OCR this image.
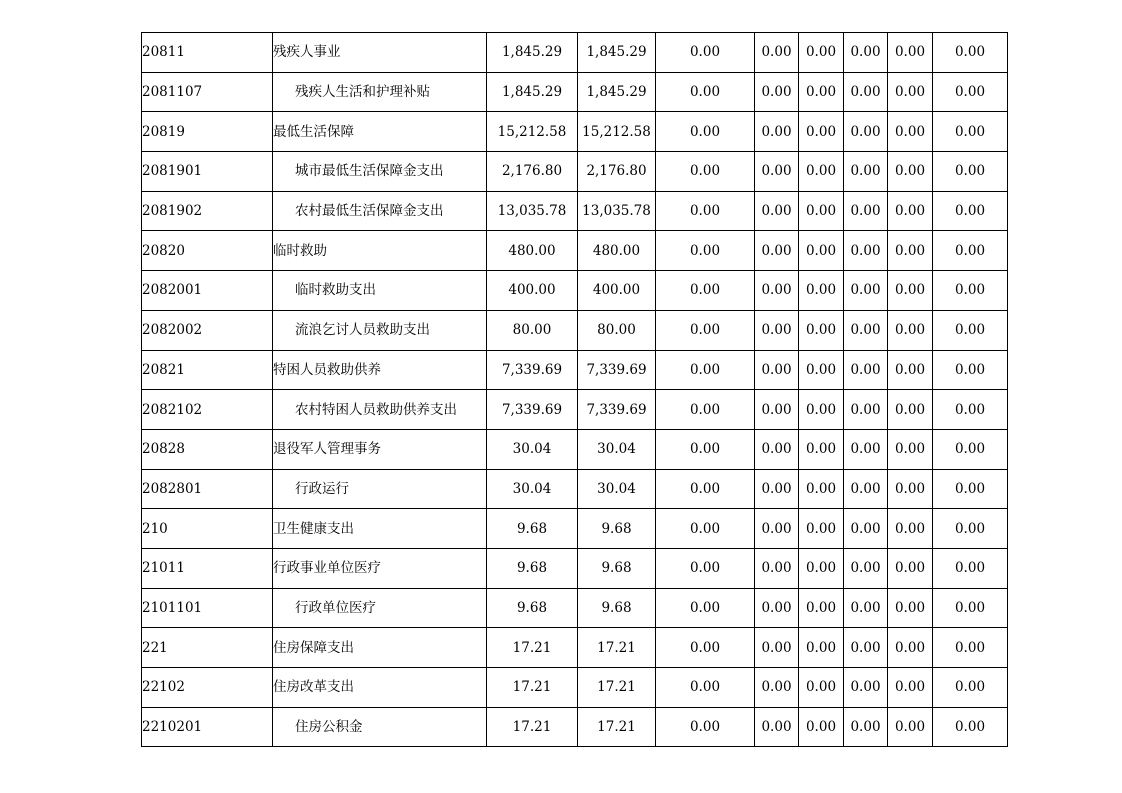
20811	残疾人事业	1,845.29	1,845.29	0.00	0.00	0.00	0.00	0.00	0.00
2081107	残疾人生活和护理补贴	1,845.29	1,845.29	0.00	0.00	0.00	0.00	0.00	0.00
20819	最低生活保障	15,212.58	15,212.58	0.00	0.00	0.00	0.00	0.00	0.00
2081901	城市最低生活保障金支出	2,176.80	2,176.80	0.00	0.00	0.00	0.00	0.00	0.00
2081902	农村最低生活保障金支出	13,035.78	13,035.78	0.00	0.00	0.00	0.00	0.00	0.00
20820	临时救助	480.00	480.00	0.00	0.00	0.00	0.00	0.00	0.00
2082001	临时救助支出	400.00	400.00	0.00	0.00	0.00	0.00	0.00	0.00
2082002	流浪乞讨人员救助支出	80.00	80.00	0.00	0.00	0.00	0.00	0.00	0.00
20821	特困人员救助供养	7,339.69	7,339.69	0.00	0.00	0.00	0.00	0.00	0.00
2082102	农村特困人员救助供养支出	7,339.69	7,339.69	0.00	0.00	0.00	0.00	0.00	0.00
20828	退役军人管理事务	30.04	30.04	0.00	0.00	0.00	0.00	0.00	0.00
2082801	行政运行	30.04	30.04	0.00	0.00	0.00	0.00	0.00	0.00
210	卫生健康支出	9.68	9.68	0.00	0.00	0.00	0.00	0.00	0.00
21011	行政事业单位医疗	9.68	9.68	0.00	0.00	0.00	0.00	0.00	0.00
2101101	行政单位医疗	9.68	9.68	0.00	0.00	0.00	0.00	0.00	0.00
221	住房保障支出	17.21	17.21	0.00	0.00	0.00	0.00	0.00	0.00
22102	住房改革支出	17.21	17.21	0.00	0.00	0.00	0.00	0.00	0.00
2210201	住房公积金	17.21	17.21	0.00	0.00	0.00	0.00	0.00	0.00
